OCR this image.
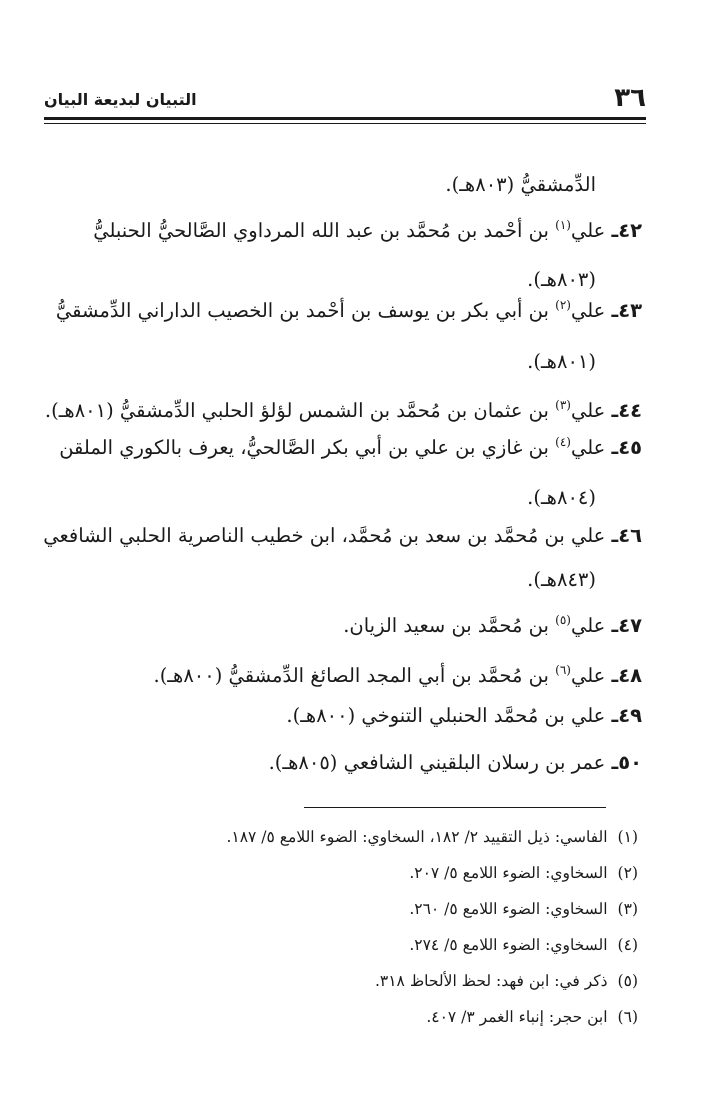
٣٦
التبيان لبديعة البيان
الدِّمشقيُّ (٨٠٣هـ).
٤٢ـ علي$^{(١)}$ بن أحْمد بن مُحمَّد بن عبد الله المرداوي الصَّالحيُّ الحنبليُّ
(٨٠٣هـ).
٤٣ـ علي$^{(٢)}$ بن أبي بكر بن يوسف بن أحْمد بن الخصيب الداراني الدِّمشقيُّ
(٨٠١هـ).
٤٤ـ علي$^{(٣)}$ بن عثمان بن مُحمَّد بن الشمس لؤلؤ الحلبي الدِّمشقيُّ (٨٠١هـ).
٤٥ـ علي$^{(٤)}$ بن غازي بن علي بن أبي بكر الصَّالحيُّ، يعرف بالكوري الملقن
(٨٠٤هـ).
٤٦ـ علي بن مُحمَّد بن سعد بن مُحمَّد، ابن خطيب الناصرية الحلبي الشافعي
(٨٤٣هـ).
٤٧ـ علي$^{(٥)}$ بن مُحمَّد بن سعيد الزيان.
٤٨ـ علي$^{(٦)}$ بن مُحمَّد بن أبي المجد الصائغ الدِّمشقيُّ (٨٠٠هـ).
٤٩ـ علي بن مُحمَّد الحنبلي التنوخي (٨٠٠هـ).
٥٠ـ عمر بن رسلان البلقيني الشافعي (٨٠٥هـ).
(١)الفاسي: ذيل التقييد ٢/ ١٨٢، السخاوي: الضوء اللامع ٥/ ١٨٧.
(٢)السخاوي: الضوء اللامع ٥/ ٢٠٧.
(٣)السخاوي: الضوء اللامع ٥/ ٢٦٠.
(٤)السخاوي: الضوء اللامع ٥/ ٢٧٤.
(٥)ذكر في: ابن فهد: لحظ الألحاظ ٣١٨.
(٦)ابن حجر: إنباء الغمر ٣/ ٤٠٧.
